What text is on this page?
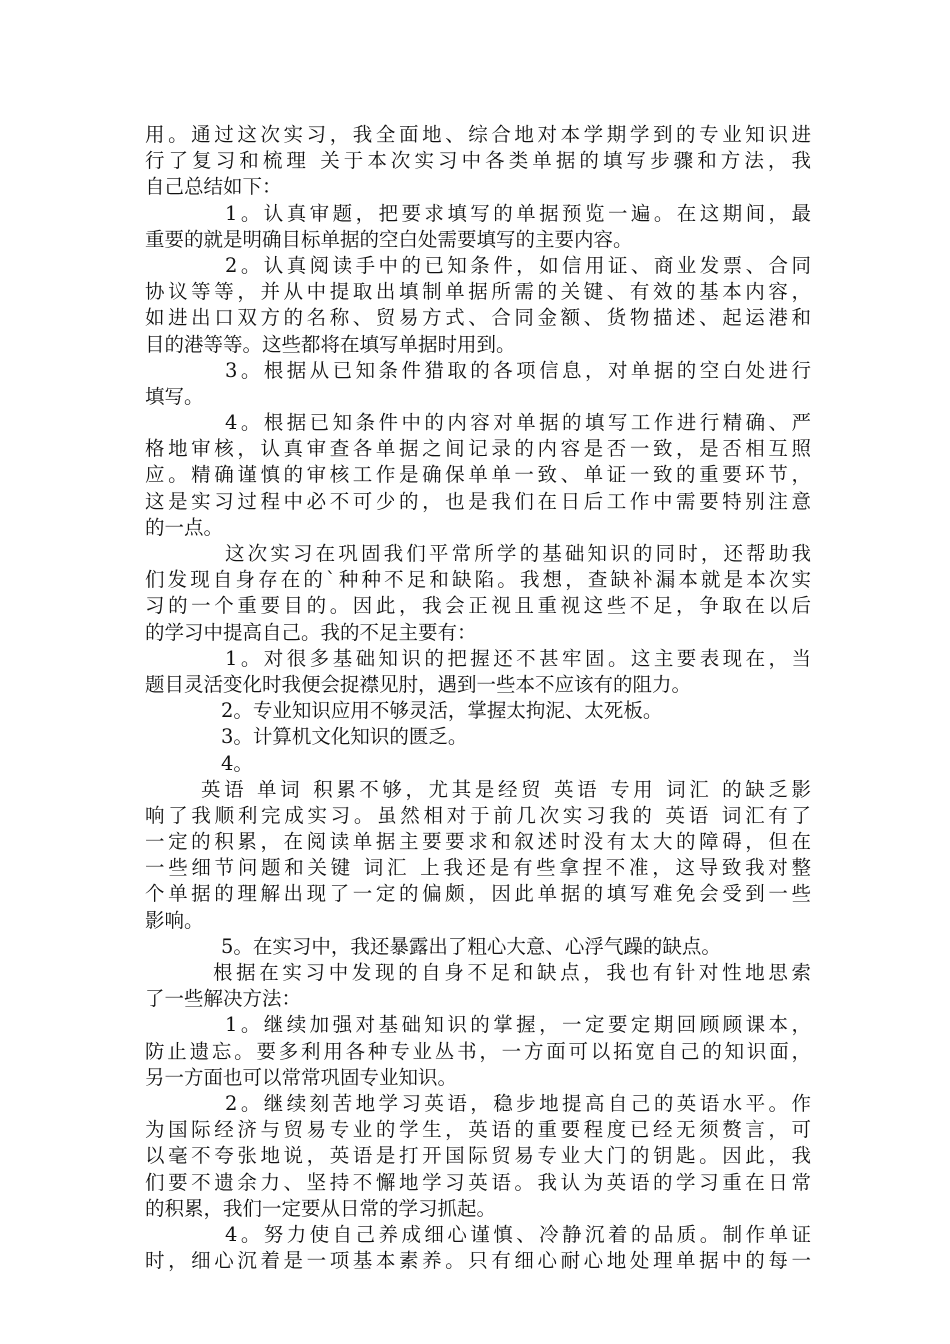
用。通过这次实习，我全面地、综合地对本学期学到的专业知识进
行了复习和梳理 关于本次实习中各类单据的填写步骤和方法，我
自己总结如下：
1。认真审题，把要求填写的单据预览一遍。在这期间，最
重要的就是明确目标单据的空白处需要填写的主要内容。
2。认真阅读手中的已知条件，如信用证、商业发票、合同
协议等等，并从中提取出填制单据所需的关键、有效的基本内容，
如进出口双方的名称、贸易方式、合同金额、货物描述、起运港和
目的港等等。这些都将在填写单据时用到。
3。根据从已知条件猎取的各项信息，对单据的空白处进行
填写。
4。根据已知条件中的内容对单据的填写工作进行精确、严
格地审核，认真审查各单据之间记录的内容是否一致，是否相互照
应。精确谨慎的审核工作是确保单单一致、单证一致的重要环节，
这是实习过程中必不可少的，也是我们在日后工作中需要特别注意
的一点。
这次实习在巩固我们平常所学的基础知识的同时，还帮助我
们发现自身存在的`种种不足和缺陷。我想，查缺补漏本就是本次实
习的一个重要目的。因此，我会正视且重视这些不足，争取在以后
的学习中提高自己。我的不足主要有：
1。对很多基础知识的把握还不甚牢固。这主要表现在，当
题目灵活变化时我便会捉襟见肘，遇到一些本不应该有的阻力。
2。专业知识应用不够灵活，掌握太拘泥、太死板。
3。计算机文化知识的匮乏。
4。
英语 单词 积累不够，尤其是经贸 英语 专用 词汇 的缺乏影
响了我顺利完成实习。虽然相对于前几次实习我的 英语 词汇有了
一定的积累，在阅读单据主要要求和叙述时没有太大的障碍，但在
一些细节问题和关键 词汇 上我还是有些拿捏不准，这导致我对整
个单据的理解出现了一定的偏颇，因此单据的填写难免会受到一些
影响。
5。在实习中，我还暴露出了粗心大意、心浮气躁的缺点。
根据在实习中发现的自身不足和缺点，我也有针对性地思索
了一些解决方法：
1。继续加强对基础知识的掌握，一定要定期回顾顾课本，
防止遗忘。要多利用各种专业丛书，一方面可以拓宽自己的知识面，
另一方面也可以常常巩固专业知识。
2。继续刻苦地学习英语，稳步地提高自己的英语水平。作
为国际经济与贸易专业的学生，英语的重要程度已经无须赘言，可
以毫不夸张地说，英语是打开国际贸易专业大门的钥匙。因此，我
们要不遗余力、坚持不懈地学习英语。我认为英语的学习重在日常
的积累，我们一定要从日常的学习抓起。
4。努力使自己养成细心谨慎、冷静沉着的品质。制作单证
时，细心沉着是一项基本素养。只有细心耐心地处理单据中的每一
